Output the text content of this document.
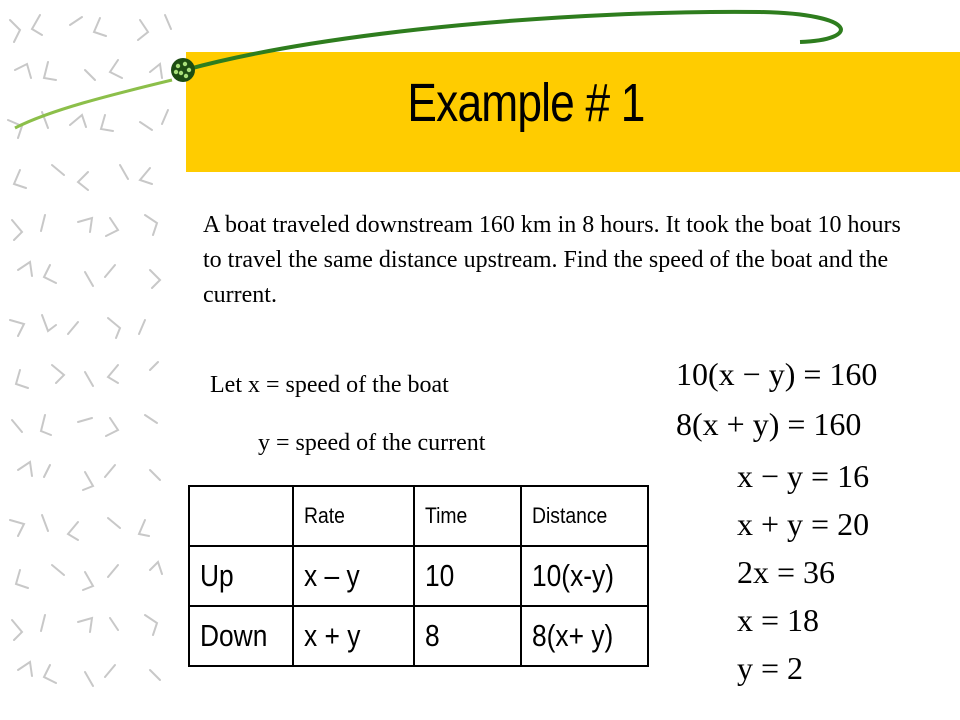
Example # 1
A boat traveled downstream 160 km in 8 hours. It took the boat 10 hours to travel the same distance upstream. Find the speed of the boat and the current.
Let x = speed of the boat
y = speed of the current
	Rate	Time	Distance
Up	x – y	10	10(x-y)
Down	x + y	8	8(x+ y)
10(x − y) = 160
8(x + y) = 160
x − y = 16
x + y = 20
2x = 36
x = 18
y = 2
